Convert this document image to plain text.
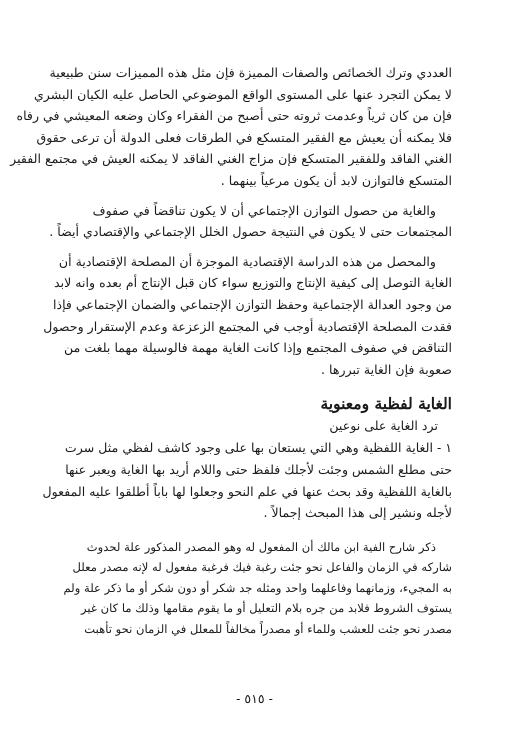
العددي وترك الخصائص والصفات المميزة فإن مثل هذه المميزات سنن طبيعية
لا يمكن التجرد عنها على المستوى الواقع الموضوعي الحاصل عليه الكيان البشري
فإن من كان ثرياً وعدمت ثروته حتى أصبح من الفقراء وكان وضعه المعيشي في رفاه
فلا يمكنه أن يعيش مع الفقير المتسكع في الطرقات فعلى الدولة أن ترعى حقوق
الغني الفاقد وللفقير المتسكع فإن مزاج الغني الفاقد لا يمكنه العيش في مجتمع الفقير
المتسكع فالتوازن لابد أن يكون مرعياً بينهما .

والغاية من حصول التوازن الإجتماعي أن لا يكون تناقضاً في صفوف
المجتمعات حتى لا يكون في النتيجة حصول الخلل الإجتماعي والإقتصادي أيضاً .

والمحصل من هذه الدراسة الإقتصادية الموجزة أن المصلحة الإقتصادية أن
الغاية التوصل إلى كيفية الإنتاج والتوزيع سواء كان قبل الإنتاج أم بعده وانه لابد
من وجود العدالة الإجتماعية وحفظ التوازن الإجتماعي والضمان الإجتماعي فإذا
فقدت المصلحة الإقتصادية أوجب في المجتمع الزعزعة وعدم الإستقرار وحصول
التناقض في صفوف المجتمع وإذا كانت الغاية مهمة فالوسيلة مهما بلغت من
صعوبة فإن الغاية تبررها .

الغاية لفظية ومعنوية

ترد الغاية على نوعين

١ - الغاية اللفظية وهي التي يستعان بها على وجود كاشف لفظي مثل سرت
حتى مطلع الشمس وجئت لأجلك فلفظ حتى واللام أريد بها الغاية ويعبر عنها
بالغاية اللفظية وقد بحث عنها في علم النحو وجعلوا لها باباً أطلقوا عليه المفعول
لأجله ونشير إلى هذا المبحث إجمالاً .

ذكر شارح الفية ابن مالك أن المفعول له وهو المصدر المذكور علة لحدوث
شاركه في الزمان والفاعل نحو جئت رغبة فيك فرغبة مفعول له لإنه مصدر معلل
به المجيء، وزمانهما وفاعلهما واحد ومثله جد شكر أو دون شكر أو ما ذكر علة ولم
يستوف الشروط فلابد من جره بلام التعليل أو ما يقوم مقامها وذلك ما كان غير
مصدر نحو جئت للعشب وللماء أو مصدراً مخالفاً للمعلل في الزمان نحو تأهبت

- ٥١٥ -
